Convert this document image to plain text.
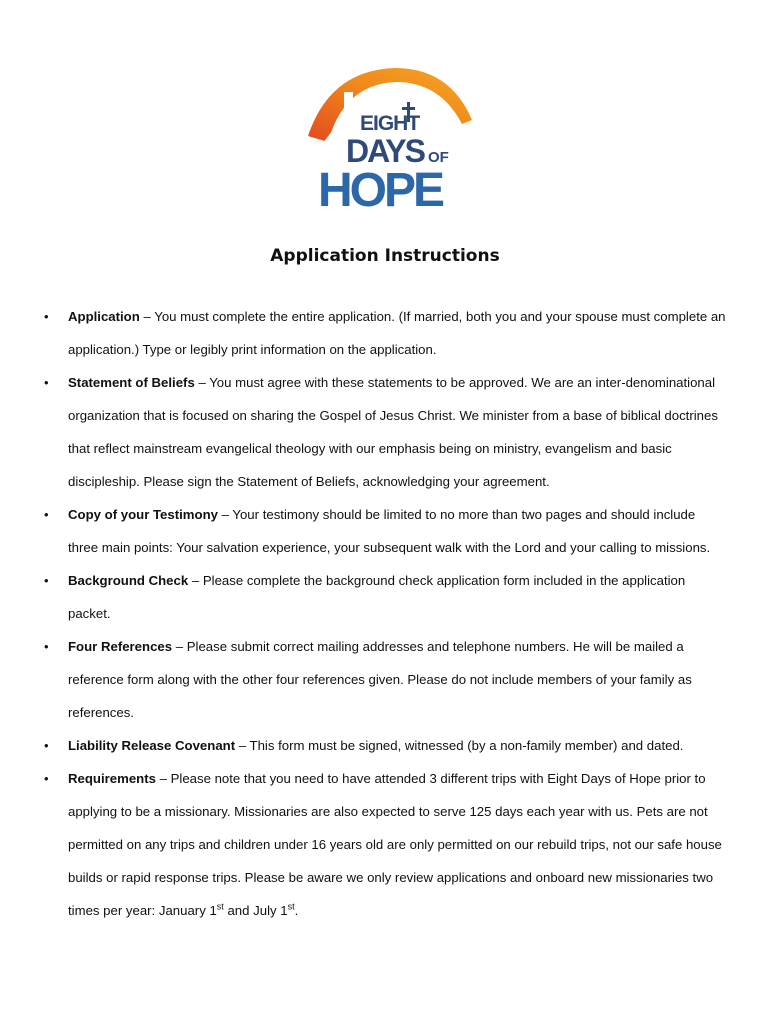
EIGHT
DAYS OF
HOPE
Application Instructions
• Application – You must complete the entire application. (If married, both you and your spouse must complete an application.) Type or legibly print information on the application.
• Statement of Beliefs – You must agree with these statements to be approved. We are an inter-denominational organization that is focused on sharing the Gospel of Jesus Christ. We minister from a base of biblical doctrines that reflect mainstream evangelical theology with our emphasis being on ministry, evangelism and basic discipleship. Please sign the Statement of Beliefs, acknowledging your agreement.
• Copy of your Testimony – Your testimony should be limited to no more than two pages and should include three main points: Your salvation experience, your subsequent walk with the Lord and your calling to missions.
• Background Check – Please complete the background check application form included in the application packet.
• Four References – Please submit correct mailing addresses and telephone numbers. He will be mailed a reference form along with the other four references given. Please do not include members of your family as references.
• Liability Release Covenant – This form must be signed, witnessed (by a non-family member) and dated.
• Requirements – Please note that you need to have attended 3 different trips with Eight Days of Hope prior to applying to be a missionary. Missionaries are also expected to serve 125 days each year with us. Pets are not permitted on any trips and children under 16 years old are only permitted on our rebuild trips, not our safe house builds or rapid response trips. Please be aware we only review applications and onboard new missionaries two times per year: January 1st and July 1st.
